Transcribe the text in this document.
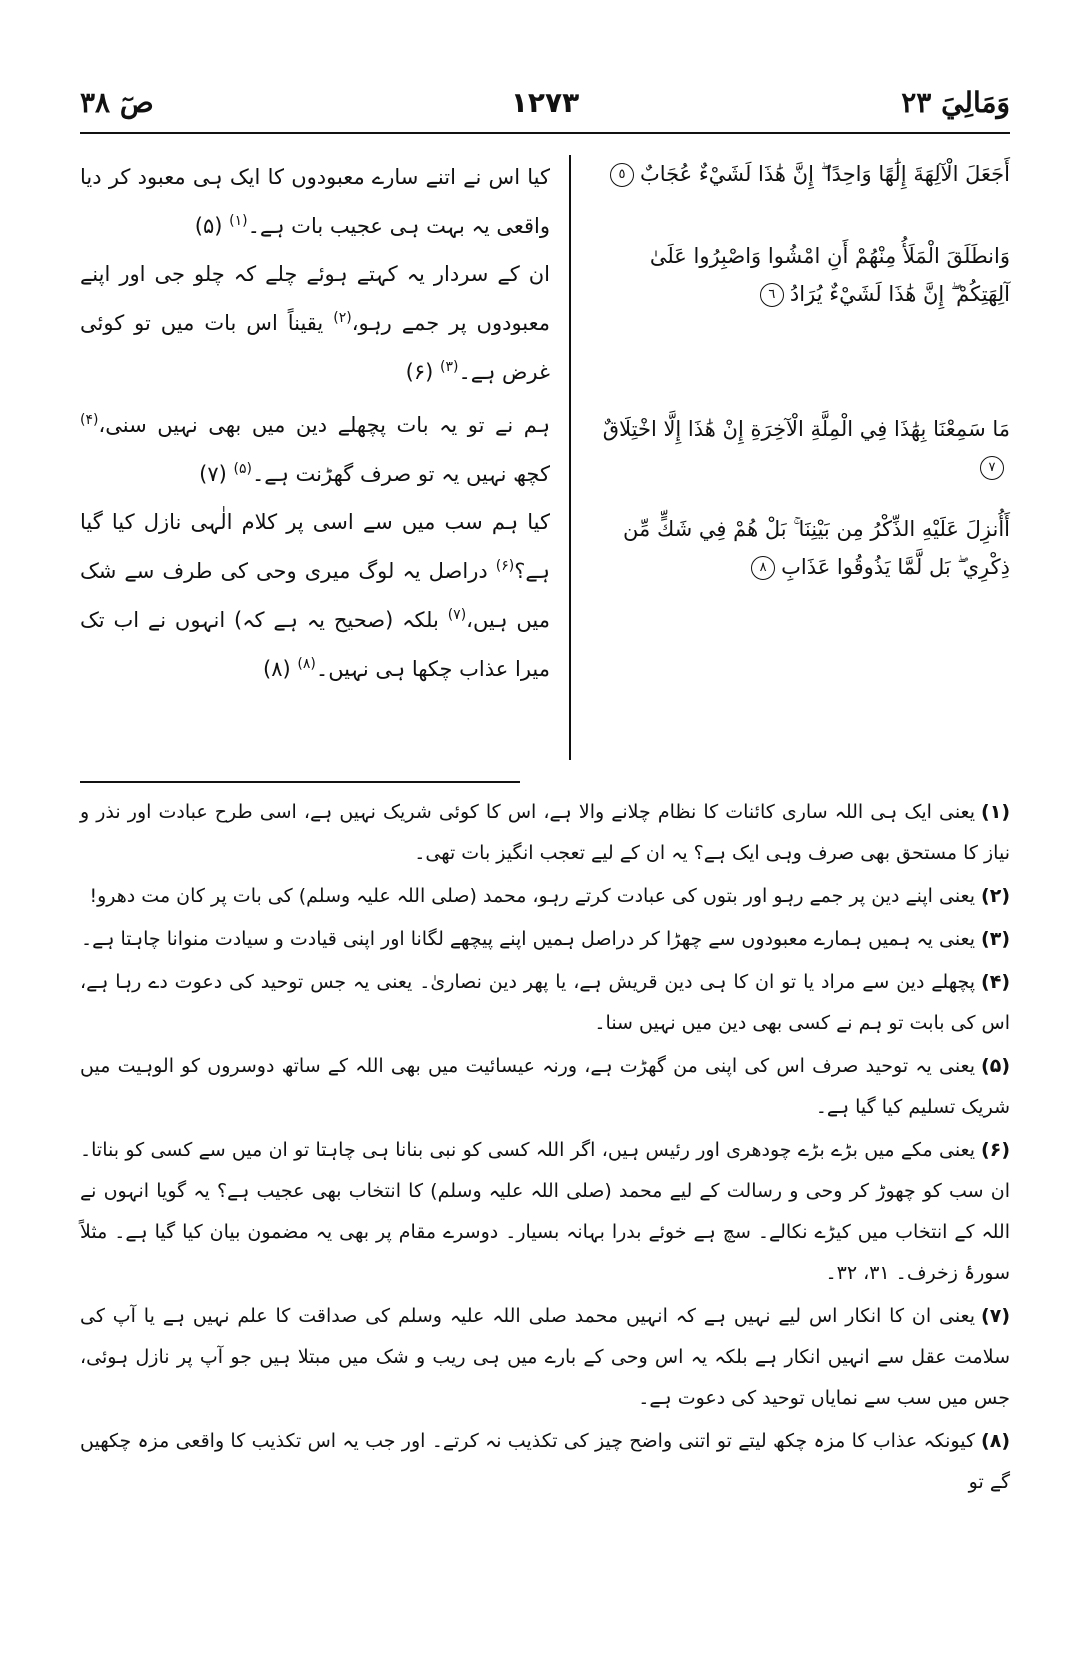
وَمَالِيَ ٢٣
١٢٧٣
صٓ ٣٨

أَجَعَلَ الْآلِهَةَ إِلَٰهًا وَاحِدًا ۖ إِنَّ هَٰذَا لَشَيْءٌ عُجَابٌ٥

وَانطَلَقَ الْمَلَأُ مِنْهُمْ أَنِ امْشُوا وَاصْبِرُوا عَلَىٰ آلِهَتِكُمْ ۖ إِنَّ هَٰذَا لَشَيْءٌ يُرَادُ٦

مَا سَمِعْنَا بِهَٰذَا فِي الْمِلَّةِ الْآخِرَةِ إِنْ هَٰذَا إِلَّا اخْتِلَاقٌ٧

أَأُنزِلَ عَلَيْهِ الذِّكْرُ مِن بَيْنِنَا ۚ بَلْ هُمْ فِي شَكٍّ مِّن ذِكْرِي ۖ بَل لَّمَّا يَذُوقُوا عَذَابِ٨

کیا اس نے اتنے سارے معبودوں کا ایک ہی معبود کر دیا واقعی یہ بہت ہی عجیب بات ہے۔$^{(۱)}$ (۵)

ان کے سردار یہ کہتے ہوئے چلے کہ چلو جی اور اپنے معبودوں پر جمے رہو،$^{(۲)}$ یقیناً اس بات میں تو کوئی غرض ہے۔$^{(۳)}$ (۶)

ہم نے تو یہ بات پچھلے دین میں بھی نہیں سنی،$^{(۴)}$ کچھ نہیں یہ تو صرف گھڑنت ہے۔$^{(۵)}$ (۷)

کیا ہم سب میں سے اسی پر کلام الٰہی نازل کیا گیا ہے؟$^{(۶)}$ دراصل یہ لوگ میری وحی کی طرف سے شک میں ہیں،$^{(۷)}$ بلکہ (صحیح یہ ہے کہ) انہوں نے اب تک میرا عذاب چکھا ہی نہیں۔$^{(۸)}$ (۸)

(۱)یعنی ایک ہی اللہ ساری کائنات کا نظام چلانے والا ہے، اس کا کوئی شریک نہیں ہے، اسی طرح عبادت اور نذر و نیاز کا مستحق بھی صرف وہی ایک ہے؟ یہ ان کے لیے تعجب انگیز بات تھی۔

(۲)یعنی اپنے دین پر جمے رہو اور بتوں کی عبادت کرتے رہو، محمد (صلی اللہ علیہ وسلم) کی بات پر کان مت دھرو!

(۳)یعنی یہ ہمیں ہمارے معبودوں سے چھڑا کر دراصل ہمیں اپنے پیچھے لگانا اور اپنی قیادت و سیادت منوانا چاہتا ہے۔

(۴)پچھلے دین سے مراد یا تو ان کا ہی دین قریش ہے، یا پھر دین نصاریٰ۔ یعنی یہ جس توحید کی دعوت دے رہا ہے، اس کی بابت تو ہم نے کسی بھی دین میں نہیں سنا۔

(۵)یعنی یہ توحید صرف اس کی اپنی من گھڑت ہے، ورنہ عیسائیت میں بھی اللہ کے ساتھ دوسروں کو الوہیت میں شریک تسلیم کیا گیا ہے۔

(۶)یعنی مکے میں بڑے بڑے چودھری اور رئیس ہیں، اگر اللہ کسی کو نبی بنانا ہی چاہتا تو ان میں سے کسی کو بناتا۔ ان سب کو چھوڑ کر وحی و رسالت کے لیے محمد (صلی اللہ علیہ وسلم) کا انتخاب بھی عجیب ہے؟ یہ گویا انہوں نے اللہ کے انتخاب میں کیڑے نکالے۔ سچ ہے خوئے بدرا بہانہ بسیار۔ دوسرے مقام پر بھی یہ مضمون بیان کیا گیا ہے۔ مثلاً سورۂ زخرف۔ ۳۱، ۳۲۔

(۷)یعنی ان کا انکار اس لیے نہیں ہے کہ انہیں محمد صلی اللہ علیہ وسلم کی صداقت کا علم نہیں ہے یا آپ کی سلامت عقل سے انہیں انکار ہے بلکہ یہ اس وحی کے بارے میں ہی ریب و شک میں مبتلا ہیں جو آپ پر نازل ہوئی، جس میں سب سے نمایاں توحید کی دعوت ہے۔

(۸)کیونکہ عذاب کا مزہ چکھ لیتے تو اتنی واضح چیز کی تکذیب نہ کرتے۔ اور جب یہ اس تکذیب کا واقعی مزہ چکھیں گے تو
